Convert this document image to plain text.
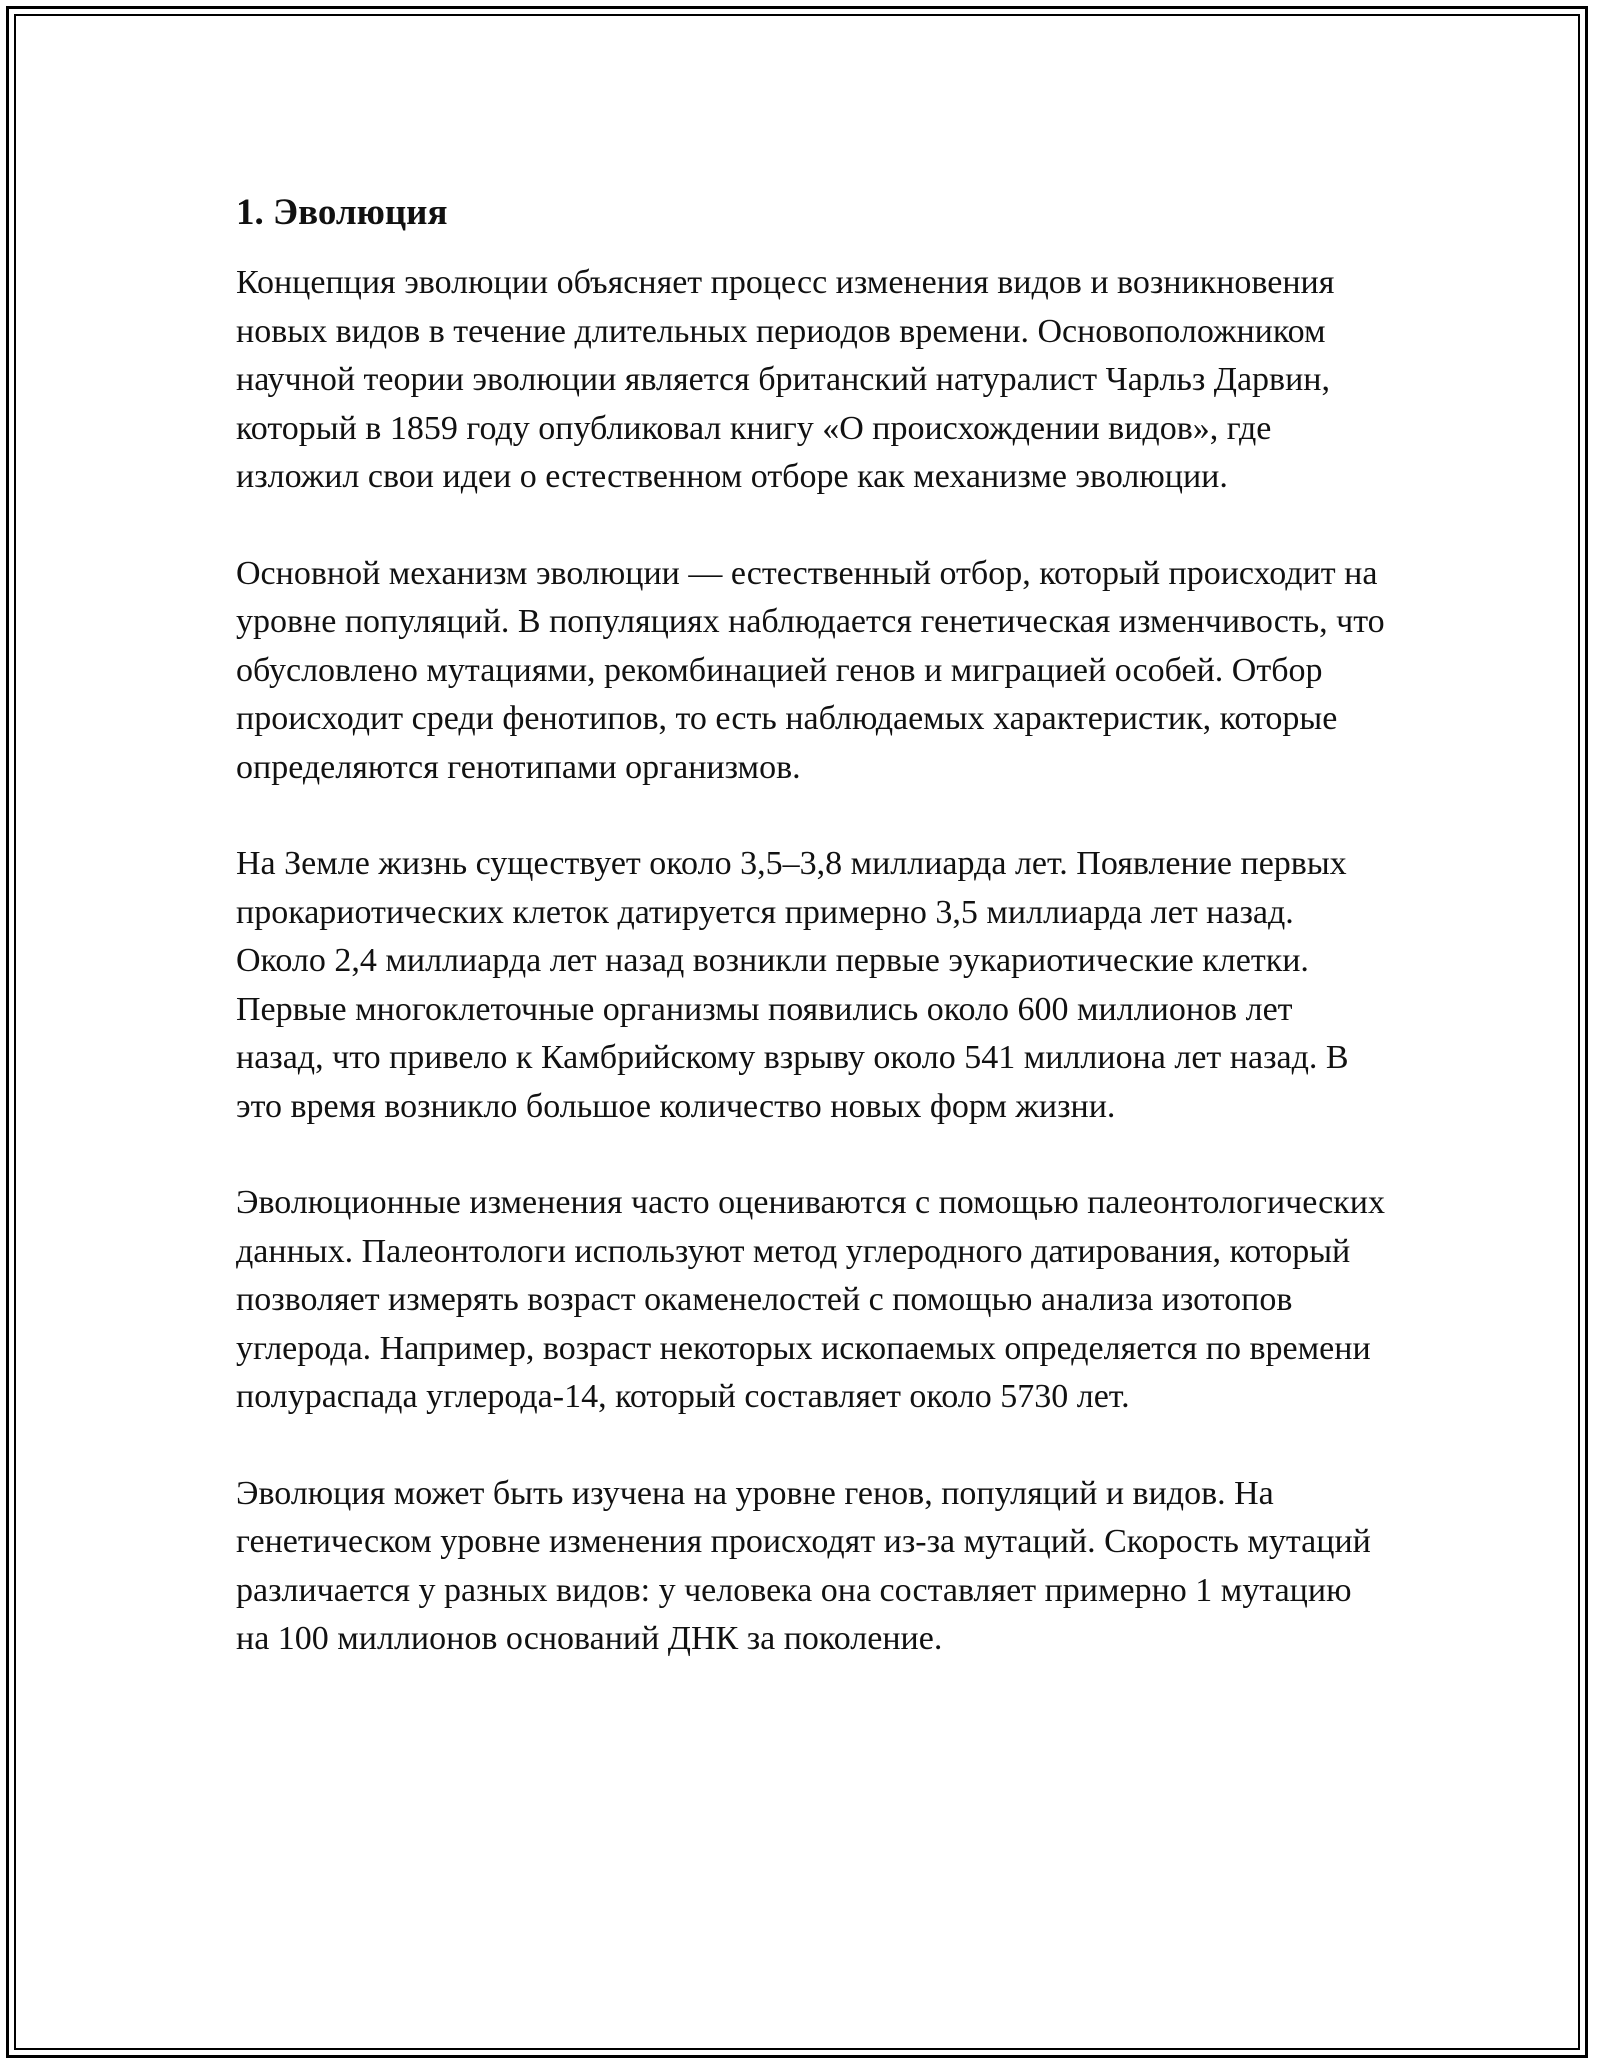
1. Эволюция

Концепция эволюции объясняет процесс изменения видов и возникновения новых видов в течение длительных периодов времени. Основоположником научной теории эволюции является британский натуралист Чарльз Дарвин, который в 1859 году опубликовал книгу «О происхождении видов», где изложил свои идеи о естественном отборе как механизме эволюции.

Основной механизм эволюции — естественный отбор, который происходит на уровне популяций. В популяциях наблюдается генетическая изменчивость, что обусловлено мутациями, рекомбинацией генов и миграцией особей. Отбор происходит среди фенотипов, то есть наблюдаемых характеристик, которые определяются генотипами организмов.

На Земле жизнь существует около 3,5–3,8 миллиарда лет. Появление первых прокариотических клеток датируется примерно 3,5 миллиарда лет назад. Около 2,4 миллиарда лет назад возникли первые эукариотические клетки. Первые многоклеточные организмы появились около 600 миллионов лет назад, что привело к Камбрийскому взрыву около 541 миллиона лет назад. В это время возникло большое количество новых форм жизни.

Эволюционные изменения часто оцениваются с помощью палеонтологических данных. Палеонтологи используют метод углеродного датирования, который позволяет измерять возраст окаменелостей с помощью анализа изотопов углерода. Например, возраст некоторых ископаемых определяется по времени полураспада углерода-14, который составляет около 5730 лет.

Эволюция может быть изучена на уровне генов, популяций и видов. На генетическом уровне изменения происходят из-за мутаций. Скорость мутаций различается у разных видов: у человека она составляет примерно 1 мутацию на 100 миллионов оснований ДНК за поколение.
